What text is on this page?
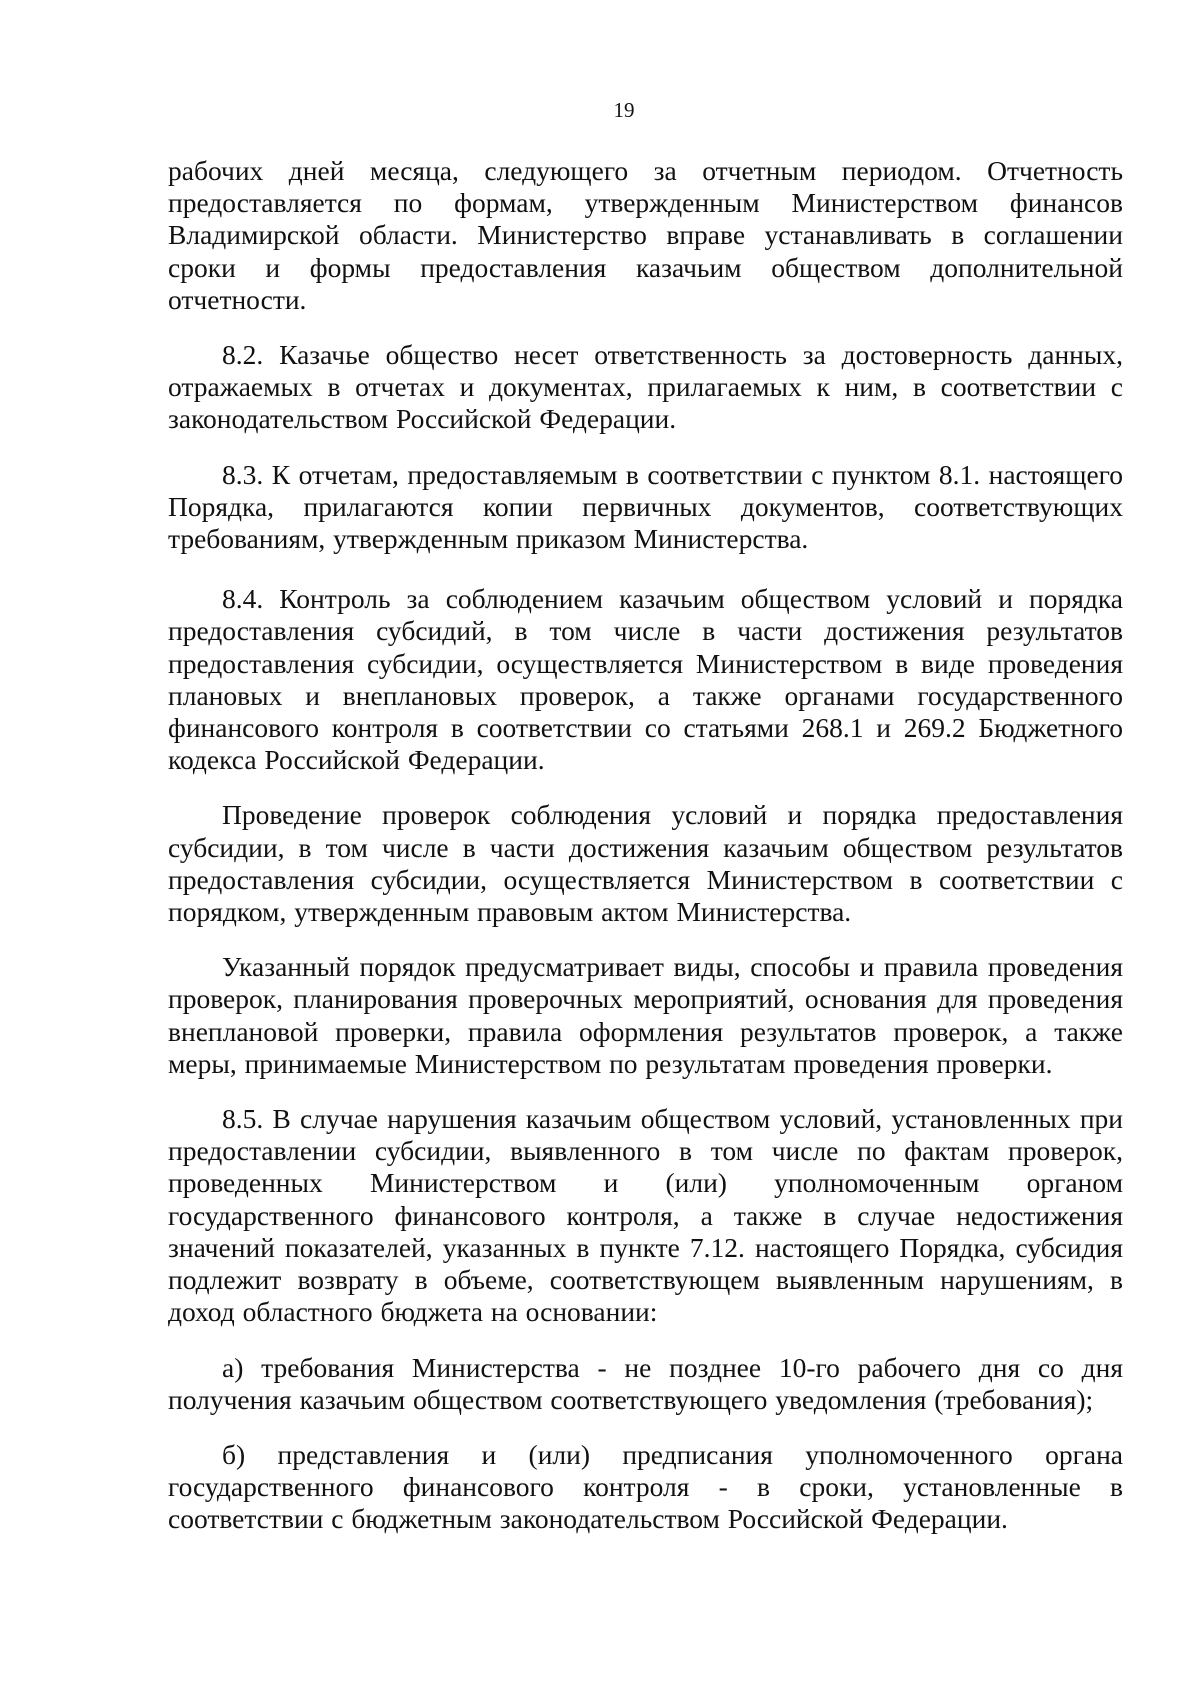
19

рабочих дней месяца, следующего за отчетным периодом. Отчетность предоставляется по формам, утвержденным Министерством финансов Владимирской области. Министерство вправе устанавливать в соглашении сроки и формы предоставления казачьим обществом дополнительной отчетности.

8.2. Казачье общество несет ответственность за достоверность данных, отражаемых в отчетах и документах, прилагаемых к ним, в соответствии с законодательством Российской Федерации.

8.3. К отчетам, предоставляемым в соответствии с пунктом 8.1. настоящего Порядка, прилагаются копии первичных документов, соответствующих требованиям, утвержденным приказом Министерства.

8.4. Контроль за соблюдением казачьим обществом условий и порядка предоставления субсидий, в том числе в части достижения результатов предоставления субсидии, осуществляется Министерством в виде проведения плановых и внеплановых проверок, а также органами государственного финансового контроля в соответствии со статьями 268.1 и 269.2 Бюджетного кодекса Российской Федерации.

Проведение проверок соблюдения условий и порядка предоставления субсидии, в том числе в части достижения казачьим обществом результатов предоставления субсидии, осуществляется Министерством в соответствии с порядком, утвержденным правовым актом Министерства.

Указанный порядок предусматривает виды, способы и правила проведения проверок, планирования проверочных мероприятий, основания для проведения внеплановой проверки, правила оформления результатов проверок, а также меры, принимаемые Министерством по результатам проведения проверки.

8.5. В случае нарушения казачьим обществом условий, установленных при предоставлении субсидии, выявленного в том числе по фактам проверок, проведенных Министерством и (или) уполномоченным органом государственного финансового контроля, а также в случае недостижения значений показателей, указанных в пункте 7.12. настоящего Порядка, субсидия подлежит возврату в объеме, соответствующем выявленным нарушениям, в доход областного бюджета на основании:

а) требования Министерства - не позднее 10-го рабочего дня со дня получения казачьим обществом соответствующего уведомления (требования);

б) представления и (или) предписания уполномоченного органа государственного финансового контроля - в сроки, установленные в соответствии с бюджетным законодательством Российской Федерации.
